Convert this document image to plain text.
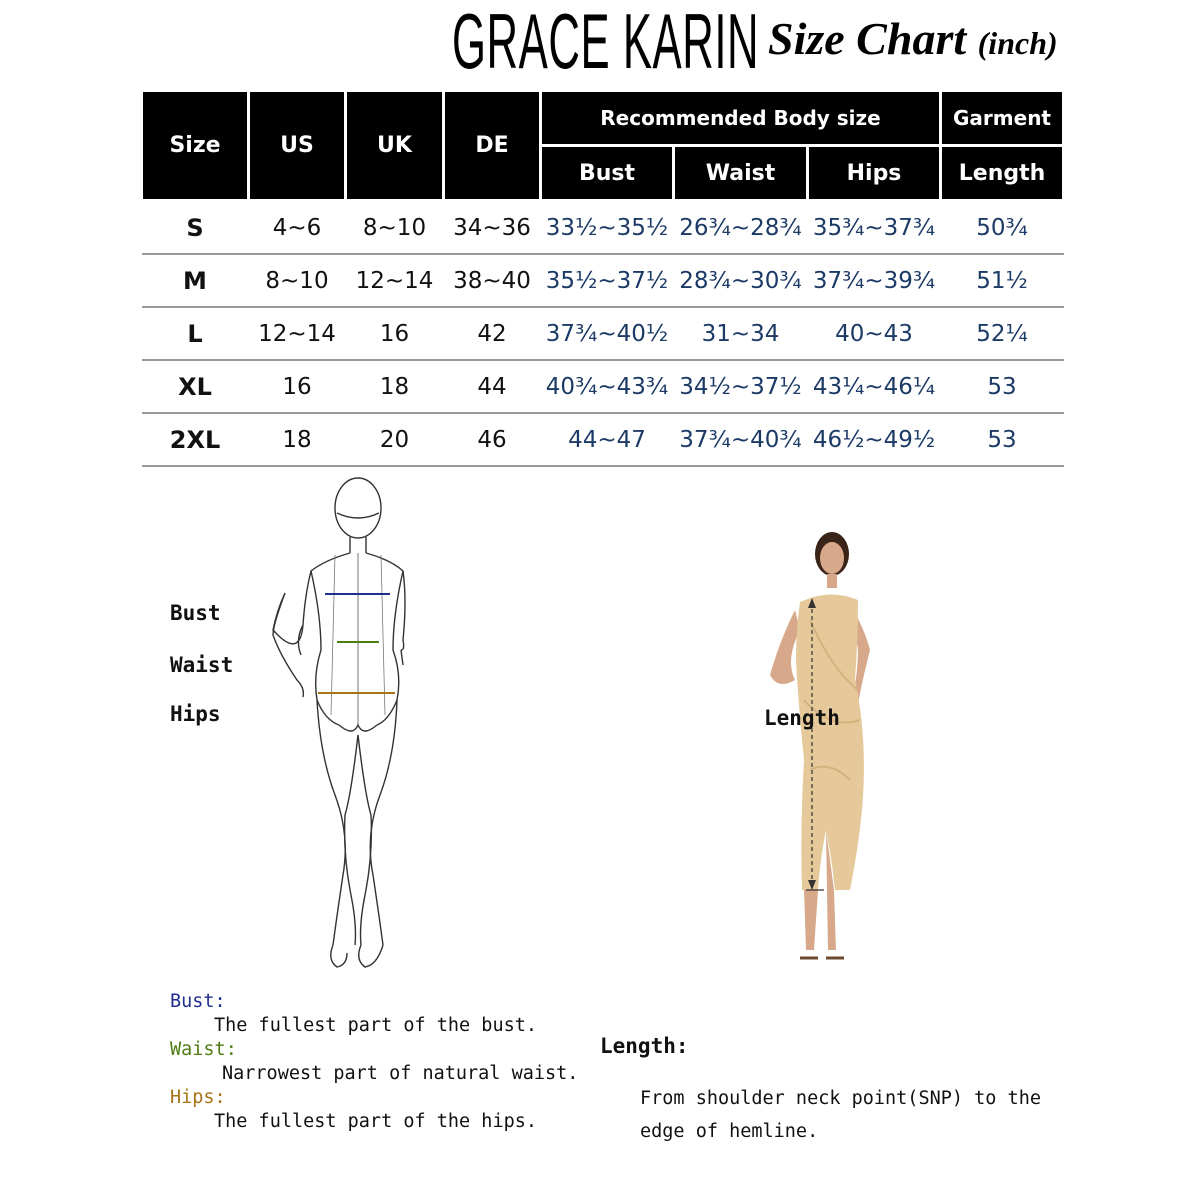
GRACE KARIN Size Chart (inch)
Size	US	UK	DE	Recommended Body size			Garment
				Bust	Waist	Hips	Length
S	4~6	8~10	34~36	33½~35½	26¾~28¾	35¾~37¾	50¾
M	8~10	12~14	38~40	35½~37½	28¾~30¾	37¾~39¾	51½
L	12~14	16	42	37¾~40½	31~34	40~43	52¼
XL	16	18	44	40¾~43¾	34½~37½	43¼~46¼	53
2XL	18	20	46	44~47	37¾~40¾	46½~49½	53
Bust
Waist
Hips	Length
Bust:
The fullest part of the bust.
Waist:
Narrowest part of natural waist.
Hips:
The fullest part of the hips.
Length:
From shoulder neck point(SNP) to the
edge of hemline.
